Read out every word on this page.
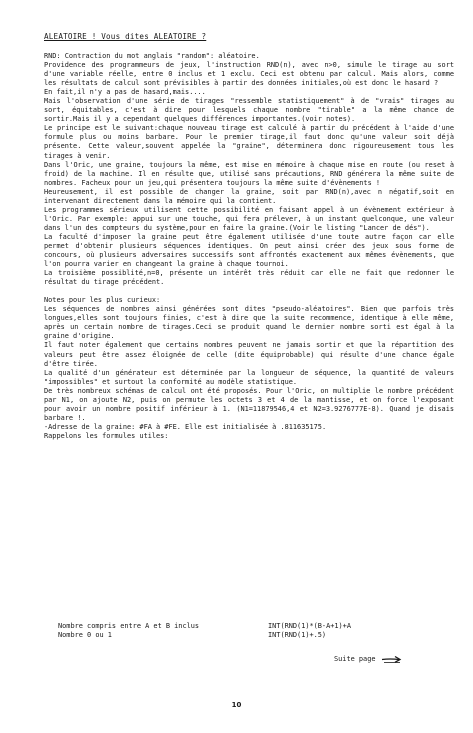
ALEATOIRE ! Vous dites ALEATOIRE ?

RND: Contraction du mot anglais "random": aléatoire.

Providence des programmeurs de jeux, l'instruction RND(n), avec n>0, simule le tirage au sort d'une variable réelle, entre 0 inclus et 1 exclu. Ceci est obtenu par calcul. Mais alors, comme les résultats de calcul sont prévisibles à partir des données initiales,où est donc le hasard ?

En fait,il n'y a pas de hasard,mais....

Mais l'observation d'une série de tirages "ressemble statistiquement" à de "vrais" tirages au sort, équitables, c'est à dire pour lesquels chaque nombre "tirable" a la même chance de sortir.Mais il y a cependant quelques différences importantes.(voir notes).

Le principe est le suivant:chaque nouveau tirage est calculé à partir du précédent à l'aide d'une formule plus ou moins barbare. Pour le premier tirage,il faut donc qu'une valeur soit déjà présente. Cette valeur,souvent appelée la "graine", déterminera donc rigoureusement tous les tirages à venir.

Dans l'Oric, une graine, toujours la même, est mise en mémoire à chaque mise en route (ou reset à froid) de la machine. Il en résulte que, utilisé sans précautions, RND générera la même suite de nombres. Facheux pour un jeu,qui présentera toujours la même suite d'évènements !

Heureusement, il est possible de changer la graine, soit par RND(n),avec n négatif,soit en intervenant directement dans la mémoire qui la contient.

Les programmes sérieux utilisent cette possibilité en faisant appel à un évènement extérieur à l'Oric. Par exemple: appui sur une touche, qui fera prélever, à un instant quelconque, une valeur dans l'un des compteurs du système,pour en faire la graine.(Voir le listing "Lancer de dés").

La faculté d'imposer la graine peut être également utilisée d'une toute autre façon car elle permet d'obtenir plusieurs séquences identiques. On peut ainsi créer des jeux sous forme de concours, où plusieurs adversaires successifs sont affrontés exactement aux mêmes évènements, que l'on pourra varier en changeant la graine à chaque tournoi.

La troisième possiblité,n=0, présente un intérêt très réduit car elle ne fait que redonner le résultat du tirage précédent.

Notes pour les plus curieux:

Les séquences de nombres ainsi générées sont dites "pseudo-aléatoires". Bien que parfois très longues,elles sont toujours finies, c'est à dire que la suite recommence, identique à elle même, après un certain nombre de tirages.Ceci se produit quand le dernier nombre sorti est égal à la graine d'origine.

Il faut noter également que certains nombres peuvent ne jamais sortir et que la répartition des valeurs peut être assez éloignée de celle (dite équiprobable) qui résulte d'une chance égale d'être tirée.

La qualité d'un générateur est déterminée par la longueur de séquence, la quantité de valeurs "impossibles" et surtout la conformité au modèle statistique.

De très nombreux schémas de calcul ont été proposés. Pour l'Oric, on multiplie le nombre précédent par N1, on ajoute N2, puis on permute les octets 3 et 4 de la mantisse, et on force l'exposant pour avoir un nombre positif inférieur à 1. (N1=11879546,4 et N2=3.9276777E-8). Quand je disais barbare !.

-Adresse de la graine: #FA à #FE. Elle est initialisée à .811635175.

Rappelons les formules utiles:

Nombre compris entre A et B inclus	INT(RND(1)*(B-A+1)+A
Nombre 0 ou 1	INT(RND(1)+.5)
Suite page
10
